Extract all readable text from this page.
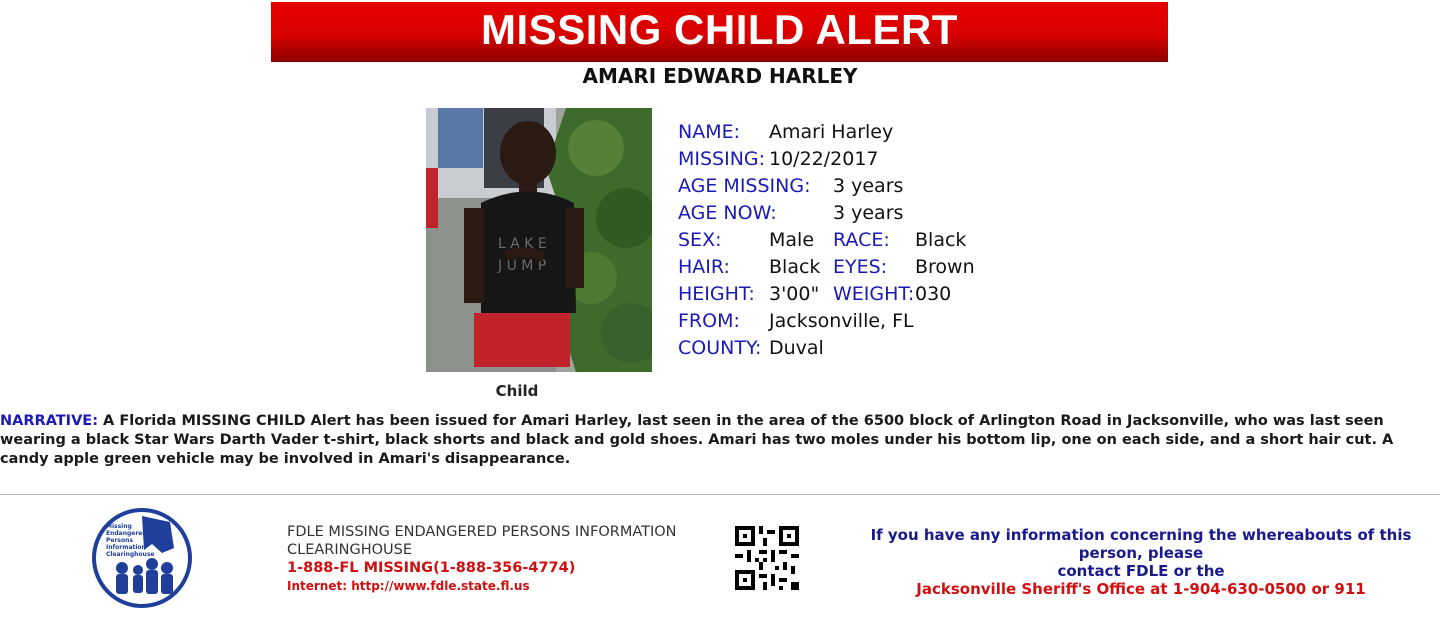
MISSING CHILD ALERT
AMARI EDWARD HARLEY
L A K E
J U M P
Child
NAME: Amari Harley
MISSING: 10/22/2017
AGE MISSING: 3 years
AGE NOW:	3 years
SEX:	Male RACE: Black
HAIR: Black EYES: Brown
HEIGHT: 3'00" WEIGHT: 030
FROM: Jacksonville, FL
COUNTY: Duval
NARRATIVE: A Florida MISSING CHILD Alert has been issued for Amari Harley, last seen in the area of the 6500 block of Arlington Road in Jacksonville, who was last seen wearing a black Star Wars Darth Vader t-shirt, black shorts and black and gold shoes. Amari has two moles under his bottom lip, one on each side, and a short hair cut. A candy apple green vehicle may be involved in Amari's disappearance.
Missing
Endangered
Persons
Information
Clearinghouse
FDLE MISSING ENDANGERED PERSONS INFORMATION
CLEARINGHOUSE
1-888-FL MISSING(1-888-356-4774)
Internet: http://www.fdle.state.fl.us
If you have any information concerning the whereabouts of this person, please
contact FDLE or the
Jacksonville Sheriff's Office at 1-904-630-0500 or 911
